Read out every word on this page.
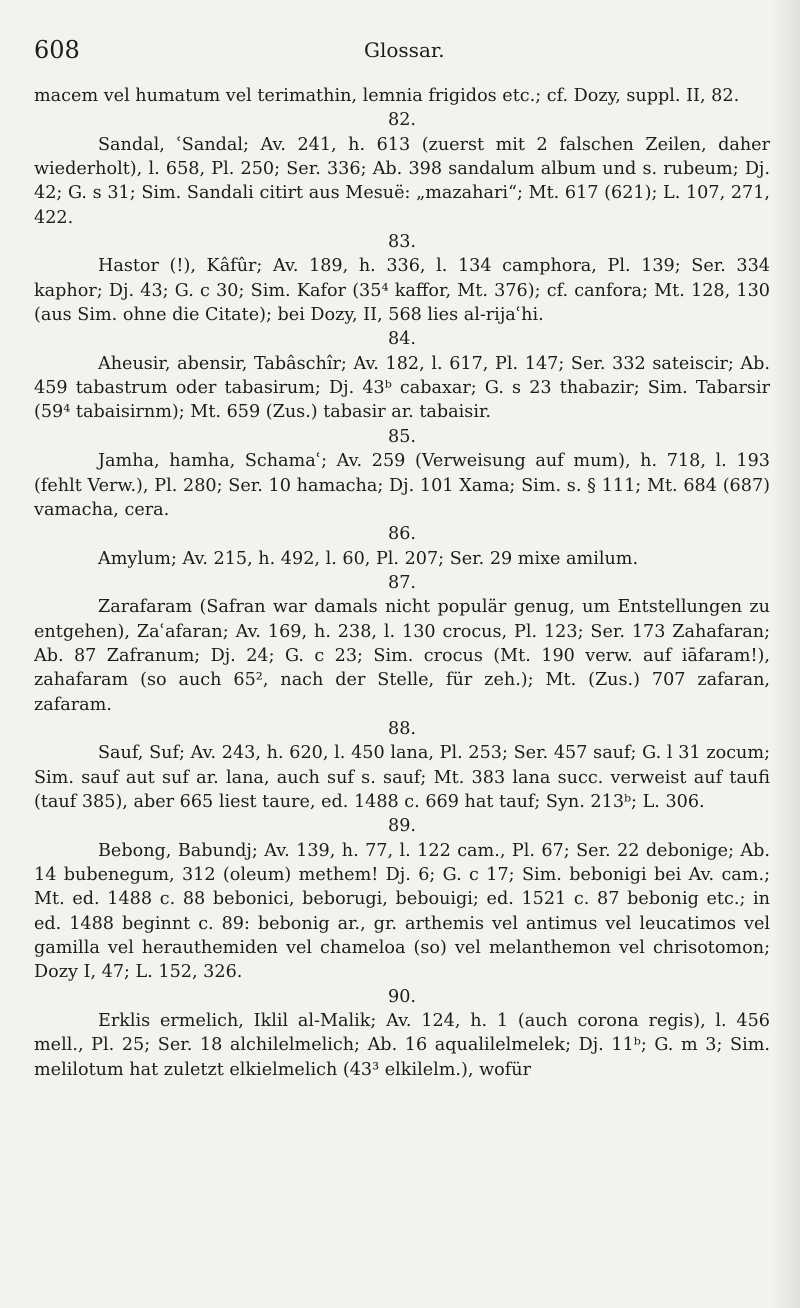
608	Glossar.

macem vel humatum vel terimathin, lemnia frigidos etc.; cf. Dozy, suppl. II, 82.

82.

Sandal, ʿSandal; Av. 241, h. 613 (zuerst mit 2 falschen Zeilen, daher wiederholt), l. 658, Pl. 250; Ser. 336; Ab. 398 sandalum album und s. rubeum; Dj. 42; G. s 31; Sim. Sandali citirt aus Mesuë: „mazahari“; Mt. 617 (621); L. 107, 271, 422.

83.

Hastor (!), Kâfûr; Av. 189, h. 336, l. 134 camphora, Pl. 139; Ser. 334 kaphor; Dj. 43; G. c 30; Sim. Kafor (35⁴ kaffor, Mt. 376); cf. canfora; Mt. 128, 130 (aus Sim. ohne die Citate); bei Dozy, II, 568 lies al-rijaʿhi.

84.

Aheusir, abensir, Tabâschîr; Av. 182, l. 617, Pl. 147; Ser. 332 sateiscir; Ab. 459 tabastrum oder tabasirum; Dj. 43ᵇ cabaxar; G. s 23 thabazir; Sim. Tabarsir (59⁴ tabaisirnm); Mt. 659 (Zus.) tabasir ar. tabaisir.

85.

Jamha, hamha, Schamaʿ; Av. 259 (Verweisung auf mum), h. 718, l. 193 (fehlt Verw.), Pl. 280; Ser. 10 hamacha; Dj. 101 Xama; Sim. s. § 111; Mt. 684 (687) vamacha, cera.

86.

Amylum; Av. 215, h. 492, l. 60, Pl. 207; Ser. 29 mixe amilum.

87.

Zarafaram (Safran war damals nicht populär genug, um Entstellungen zu entgehen), Zaʿafaran; Av. 169, h. 238, l. 130 crocus, Pl. 123; Ser. 173 Zahafaran; Ab. 87 Zafranum; Dj. 24; G. c 23; Sim. crocus (Mt. 190 verw. auf iāfaram!), zahafaram (so auch 65², nach der Stelle, für zeh.); Mt. (Zus.) 707 zafaran, zafaram.

88.

Sauf, Suf; Av. 243, h. 620, l. 450 lana, Pl. 253; Ser. 457 sauf; G. l 31 zocum; Sim. sauf aut suf ar. lana, auch suf s. sauf; Mt. 383 lana succ. verweist auf taufi (tauf 385), aber 665 liest taure, ed. 1488 c. 669 hat tauf; Syn. 213ᵇ; L. 306.

89.

Bebong, Babundj; Av. 139, h. 77, l. 122 cam., Pl. 67; Ser. 22 debonige; Ab. 14 bubenegum, 312 (oleum) methem! Dj. 6; G. c 17; Sim. bebonigi bei Av. cam.; Mt. ed. 1488 c. 88 bebonici, beborugi, bebouigi; ed. 1521 c. 87 bebonig etc.; in ed. 1488 beginnt c. 89: bebonig ar., gr. arthemis vel antimus vel leucatimos vel gamilla vel herauthemiden vel chameloa (so) vel melanthemon vel chrisotomon; Dozy I, 47; L. 152, 326.

90.

Erklis ermelich, Iklil al-Malik; Av. 124, h. 1 (auch corona regis), l. 456 mell., Pl. 25; Ser. 18 alchilelmelich; Ab. 16 aqualilelmelek; Dj. 11ᵇ; G. m 3; Sim. melilotum hat zuletzt elkielmelich (43³ elkilelm.), wofür
